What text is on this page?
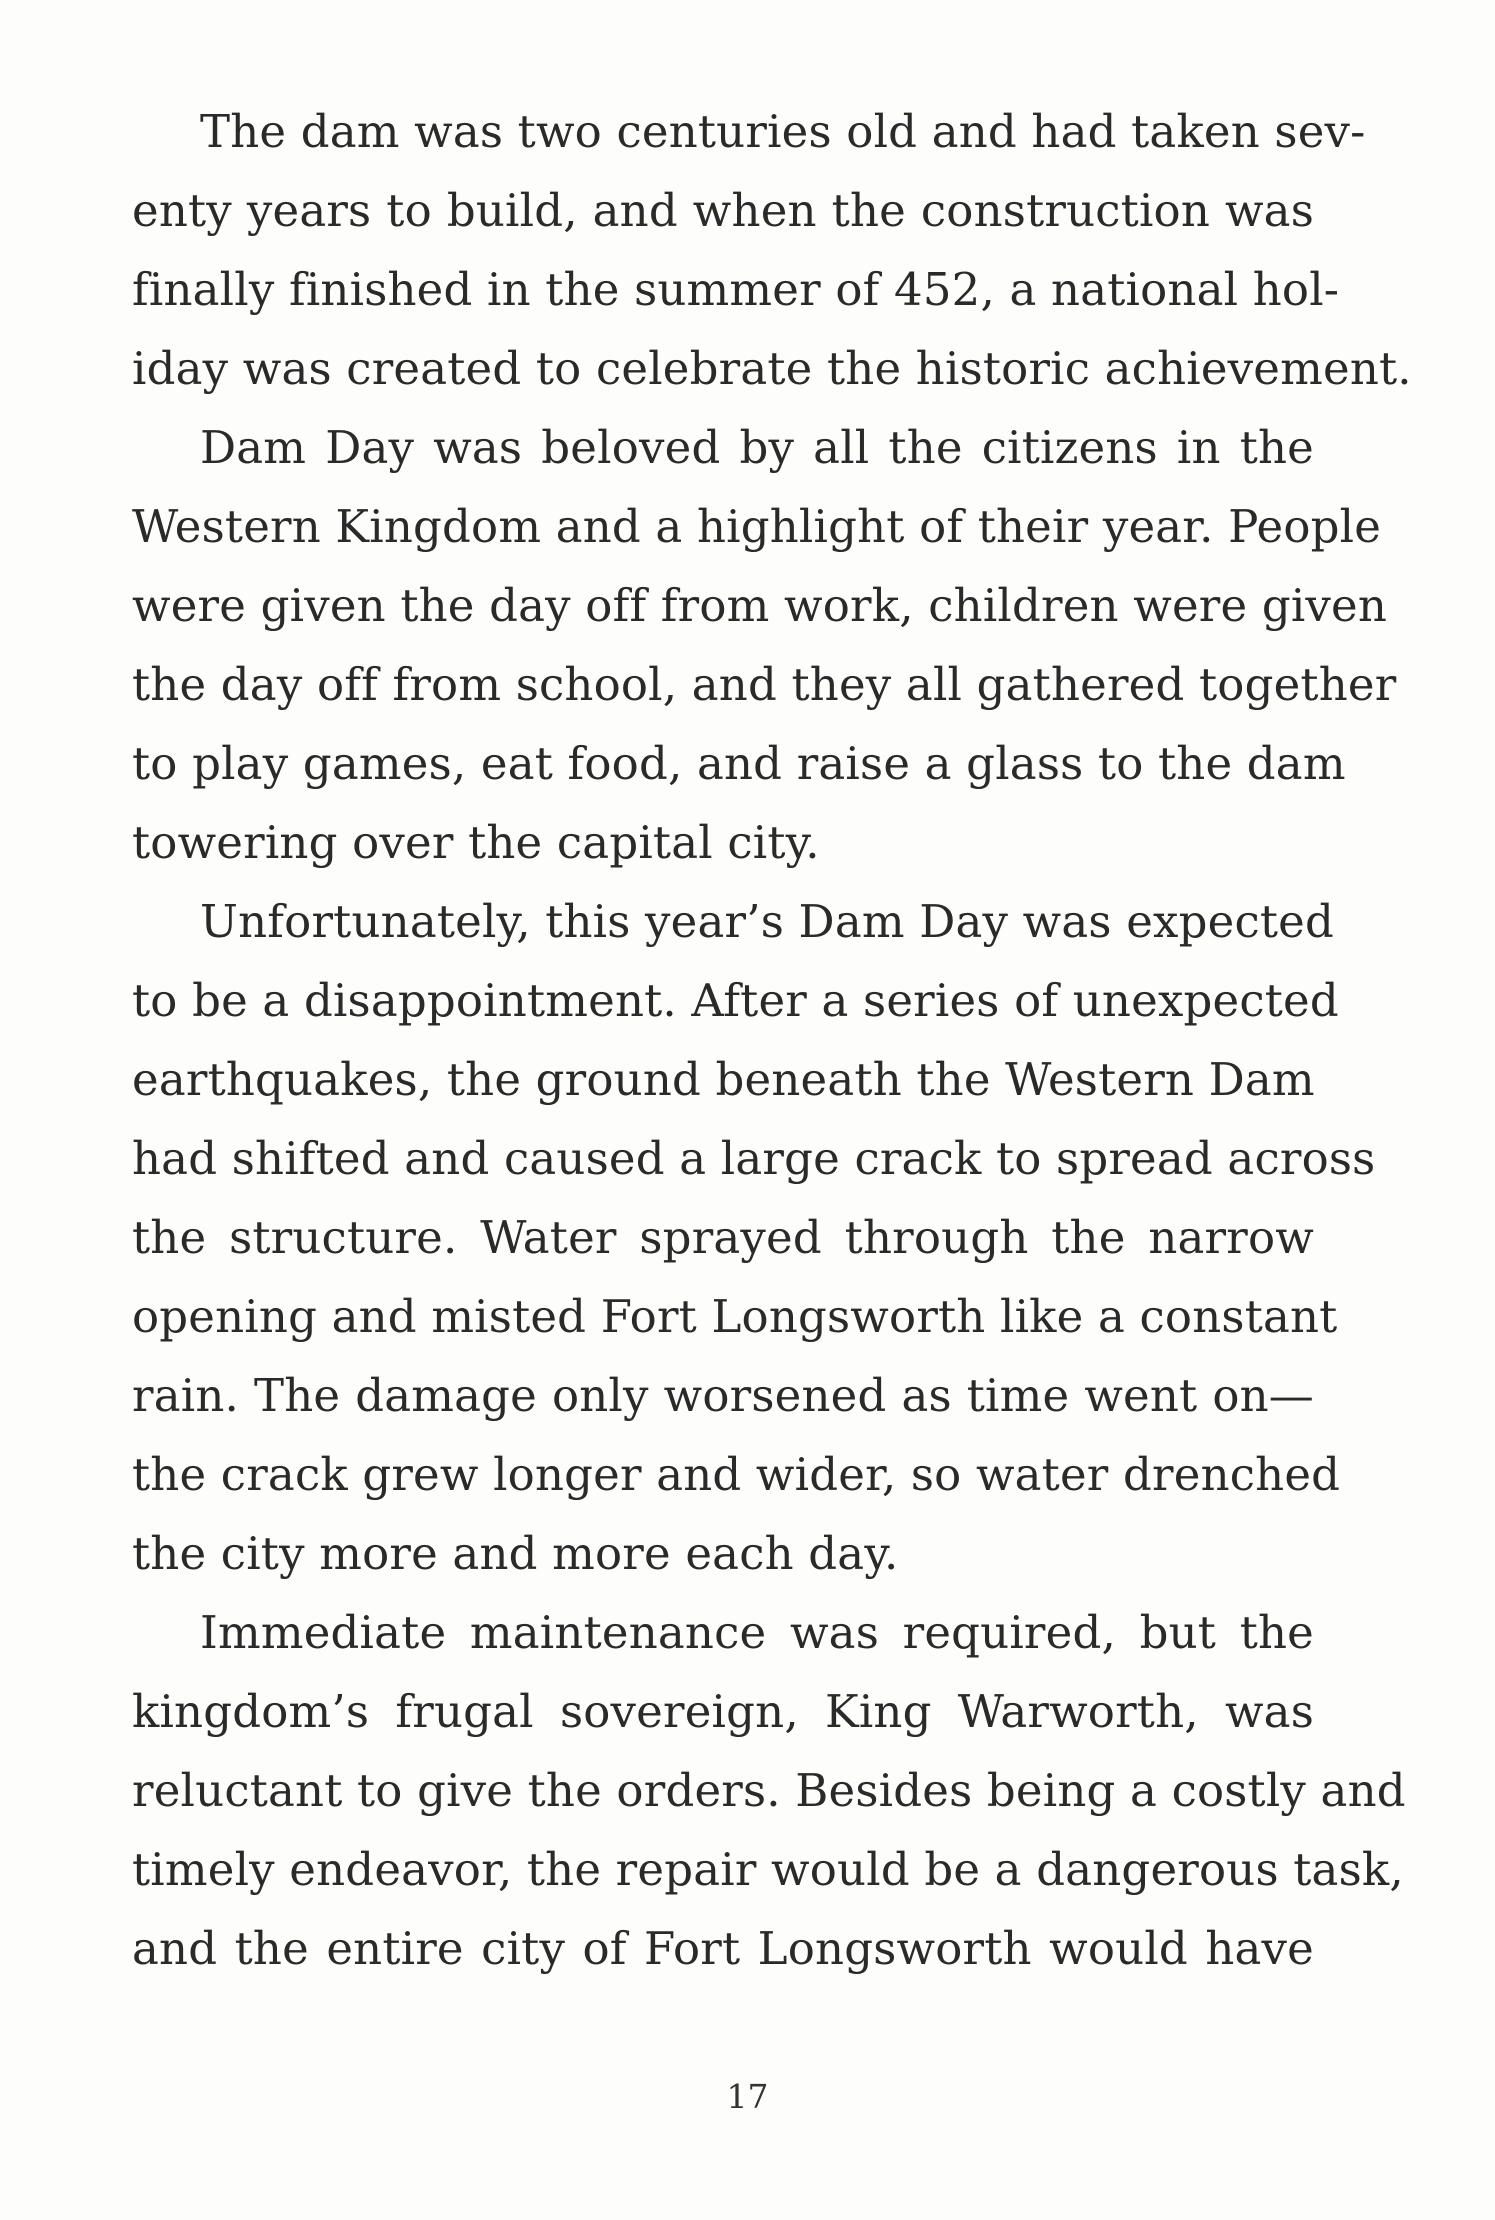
The dam was two centuries old and had taken sev-
enty years to build, and when the construction was
finally finished in the summer of 452, a national hol-
iday was created to celebrate the historic achievement.
Dam Day was beloved by all the citizens in the
Western Kingdom and a highlight of their year. People
were given the day off from work, children were given
the day off from school, and they all gathered together
to play games, eat food, and raise a glass to the dam
towering over the capital city.
Unfortunately, this year’s Dam Day was expected
to be a disappointment. After a series of unexpected
earthquakes, the ground beneath the Western Dam
had shifted and caused a large crack to spread across
the structure. Water sprayed through the narrow
opening and misted Fort Longsworth like a constant
rain. The damage only worsened as time went on—
the crack grew longer and wider, so water drenched
the city more and more each day.
Immediate maintenance was required, but the
kingdom’s frugal sovereign, King Warworth, was
reluctant to give the orders. Besides being a costly and
timely endeavor, the repair would be a dangerous task,
and the entire city of Fort Longsworth would have
17
